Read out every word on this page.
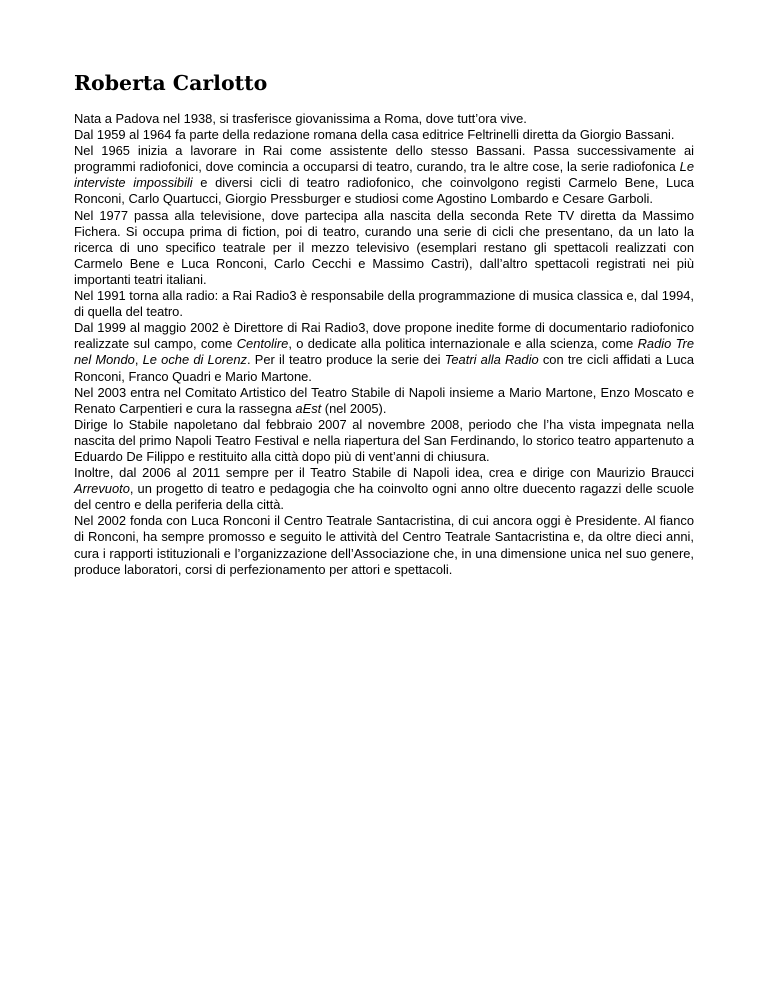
Roberta Carlotto

Nata a Padova nel 1938, si trasferisce giovanissima a Roma, dove tutt’ora vive.

Dal 1959 al 1964 fa parte della redazione romana della casa editrice Feltrinelli diretta da Giorgio Bassani.

Nel 1965 inizia a lavorare in Rai come assistente dello stesso Bassani. Passa successivamente ai programmi radiofonici, dove comincia a occuparsi di teatro, curando, tra le altre cose, la serie radiofonica Le interviste impossibili e diversi cicli di teatro radiofonico, che coinvolgono registi Carmelo Bene, Luca Ronconi, Carlo Quartucci, Giorgio Pressburger e studiosi come Agostino Lombardo e Cesare Garboli.

Nel 1977 passa alla televisione, dove partecipa alla nascita della seconda Rete TV diretta da Massimo Fichera. Si occupa prima di fiction, poi di teatro, curando una serie di cicli che presentano, da un lato la ricerca di uno specifico teatrale per il mezzo televisivo (esemplari restano gli spettacoli realizzati con Carmelo Bene e Luca Ronconi, Carlo Cecchi e Massimo Castri), dall’altro spettacoli registrati nei più importanti teatri italiani.

Nel 1991 torna alla radio: a Rai Radio3 è responsabile della programmazione di musica classica e, dal 1994, di quella del teatro.

Dal 1999 al maggio 2002 è Direttore di Rai Radio3, dove propone inedite forme di documentario radiofonico realizzate sul campo, come Centolire, o dedicate alla politica internazionale e alla scienza, come Radio Tre nel Mondo, Le oche di Lorenz. Per il teatro produce la serie dei Teatri alla Radio con tre cicli affidati a Luca Ronconi, Franco Quadri e Mario Martone.

Nel 2003 entra nel Comitato Artistico del Teatro Stabile di Napoli insieme a Mario Martone, Enzo Moscato e Renato Carpentieri e cura la rassegna aEst (nel 2005).

Dirige lo Stabile napoletano dal febbraio 2007 al novembre 2008, periodo che l’ha vista impegnata nella nascita del primo Napoli Teatro Festival e nella riapertura del San Ferdinando, lo storico teatro appartenuto a Eduardo De Filippo e restituito alla città dopo più di vent’anni di chiusura.

Inoltre, dal 2006 al 2011 sempre per il Teatro Stabile di Napoli idea, crea e dirige con Maurizio Braucci Arrevuoto, un progetto di teatro e pedagogia che ha coinvolto ogni anno oltre duecento ragazzi delle scuole del centro e della periferia della città.

Nel 2002 fonda con Luca Ronconi il Centro Teatrale Santacristina, di cui ancora oggi è Presidente. Al fianco di Ronconi, ha sempre promosso e seguito le attività del Centro Teatrale Santacristina e, da oltre dieci anni, cura i rapporti istituzionali e l’organizzazione dell’Associazione che, in una dimensione unica nel suo genere, produce laboratori, corsi di perfezionamento per attori e spettacoli.
